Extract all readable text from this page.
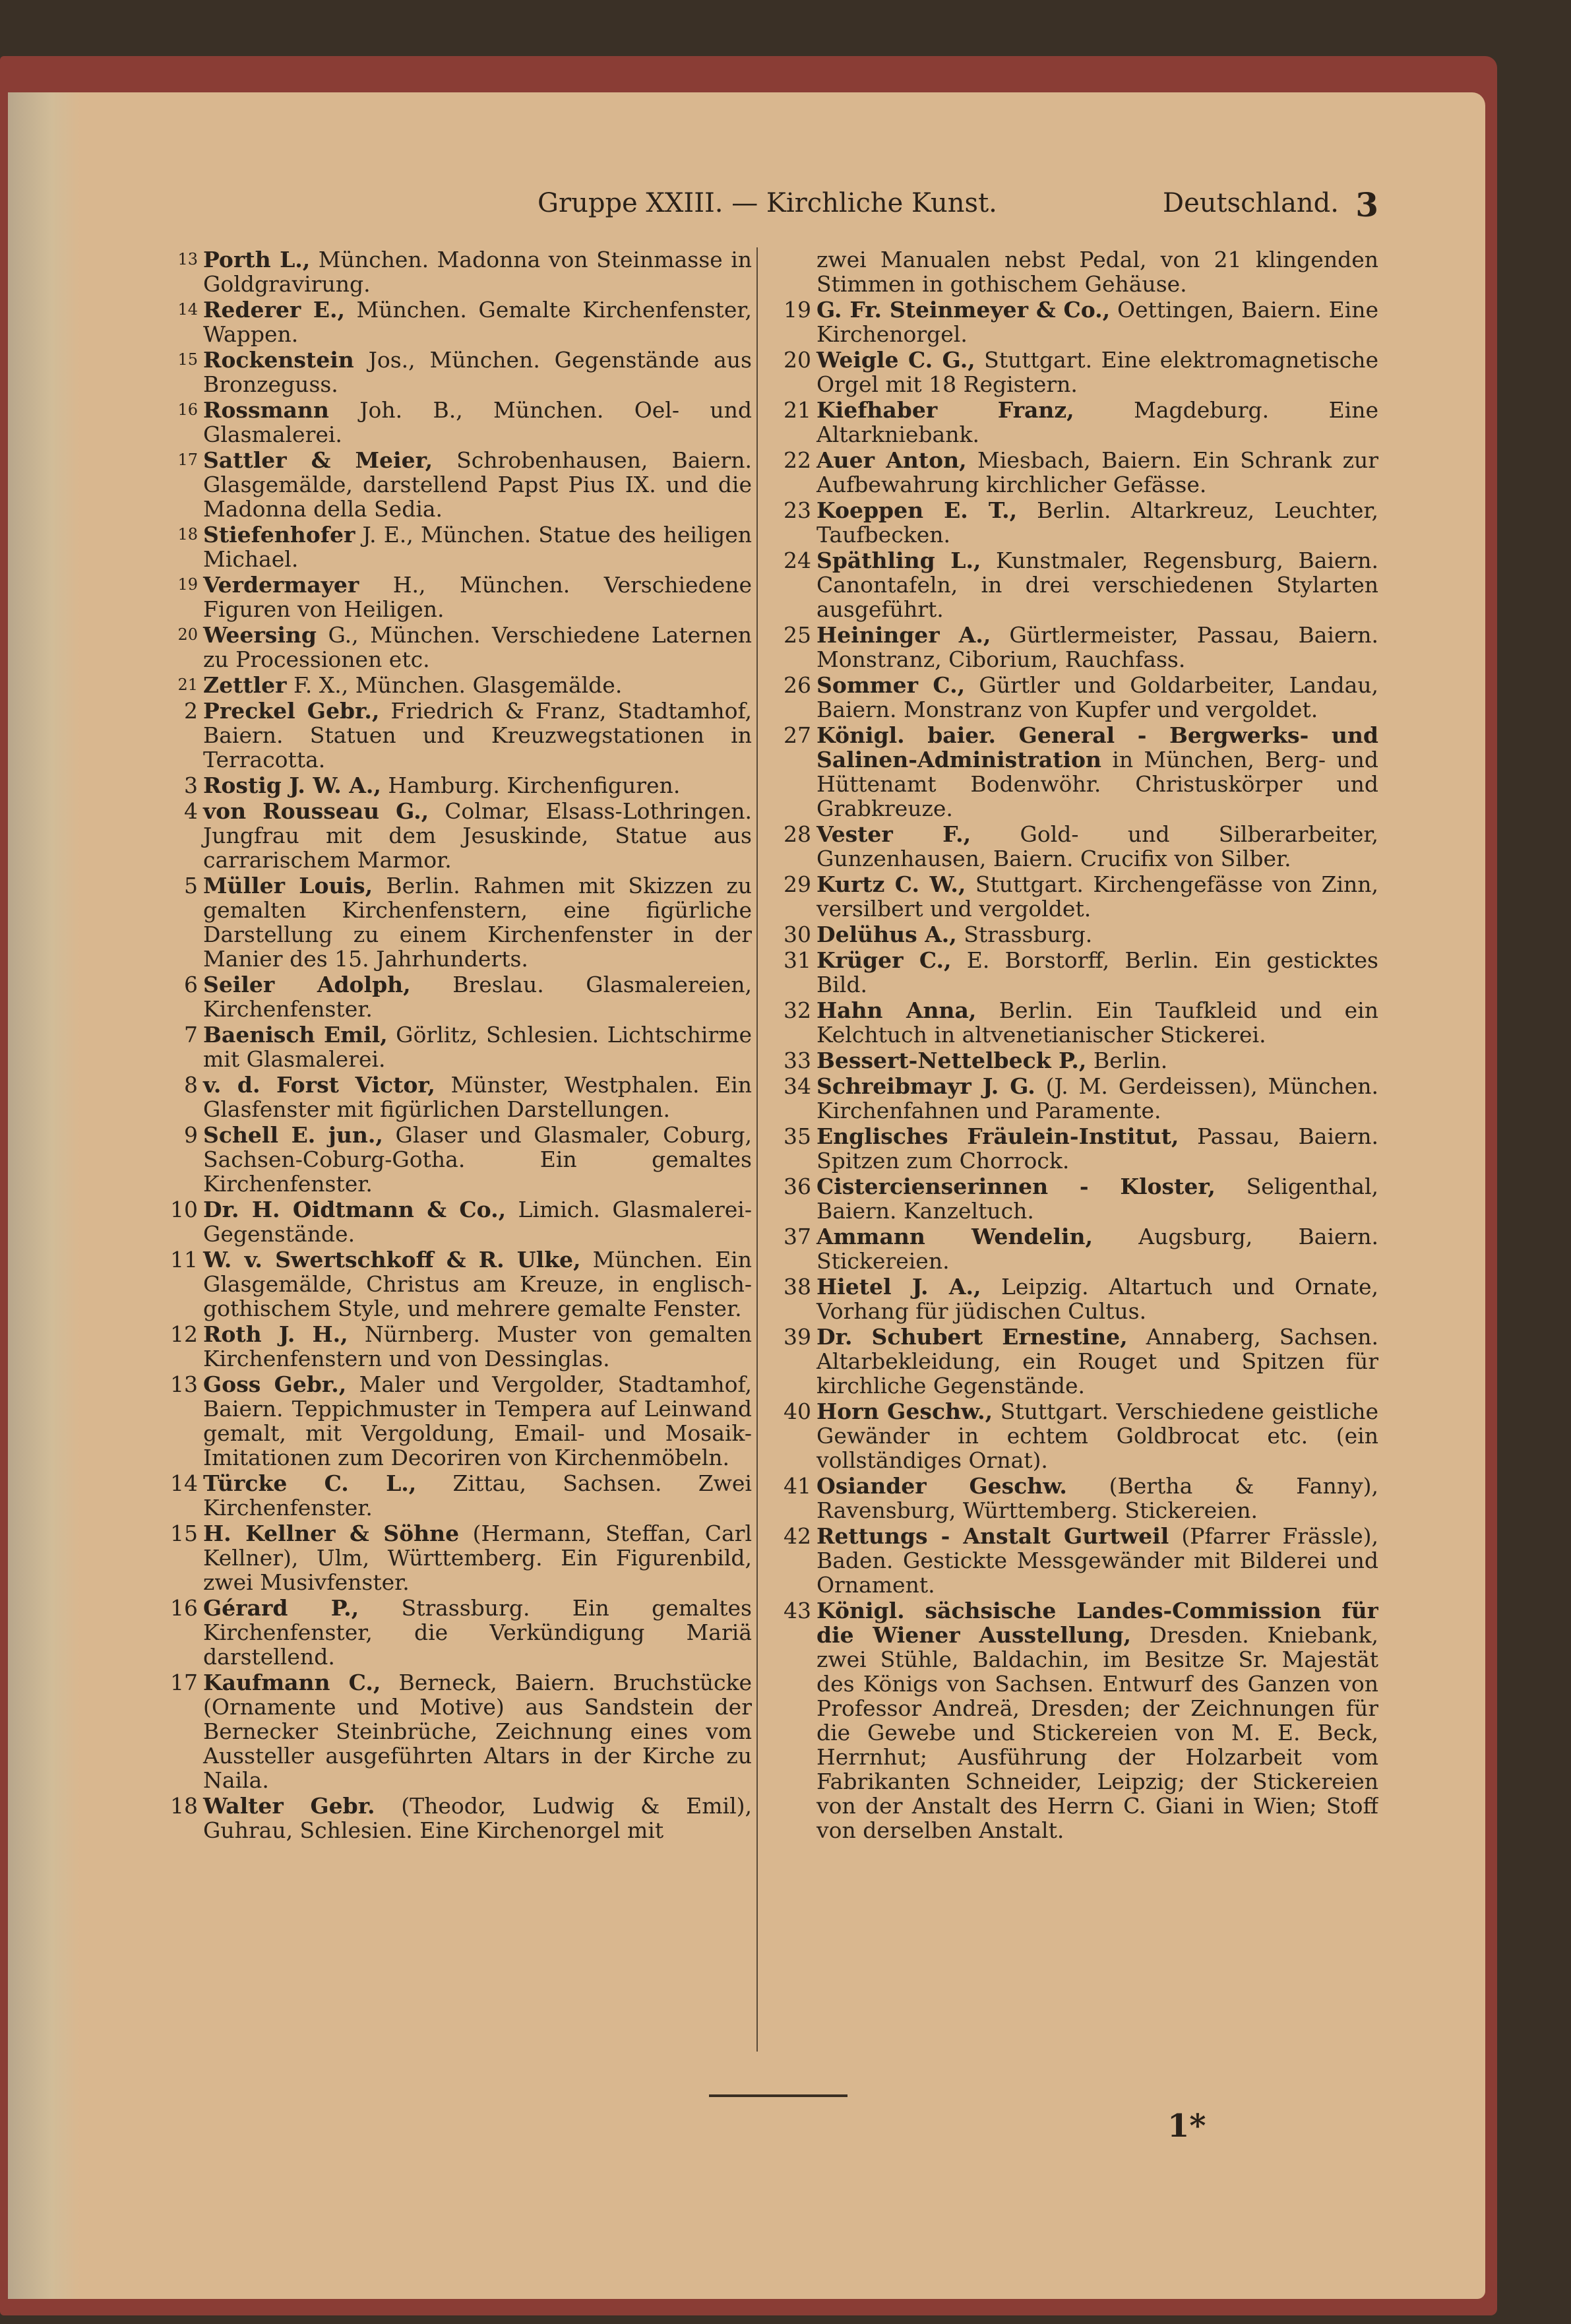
Gruppe XXIII. — Kirchliche Kunst.	Deutschland. 3
13 Porth L., München. Madonna von Steinmasse in Goldgravirung.
14 Rederer E., München. Gemalte Kirchenfenster, Wappen.
15 Rockenstein Jos., München. Gegenstände aus Bronzeguss.
16 Rossmann Joh. B., München. Oel- und Glasmalerei.
17 Sattler & Meier, Schrobenhausen, Baiern. Glasgemälde, darstellend Papst Pius IX. und die Madonna della Sedia.
18 Stiefenhofer J. E., München. Statue des heiligen Michael.
19 Verdermayer H., München. Verschiedene Figuren von Heiligen.
20 Weersing G., München. Verschiedene Laternen zu Processionen etc.
21 Zettler F. X., München. Glasgemälde.
2 Preckel Gebr., Friedrich & Franz, Stadtamhof, Baiern. Statuen und Kreuzwegstationen in Terracotta.
3 Rostig J. W. A., Hamburg. Kirchenfiguren.
4 von Rousseau G., Colmar, Elsass-Lothringen. Jungfrau mit dem Jesuskinde, Statue aus carrarischem Marmor.
5 Müller Louis, Berlin. Rahmen mit Skizzen zu gemalten Kirchenfenstern, eine figürliche Darstellung zu einem Kirchenfenster in der Manier des 15. Jahrhunderts.
6 Seiler Adolph, Breslau. Glasmalereien, Kirchenfenster.
7 Baenisch Emil, Görlitz, Schlesien. Lichtschirme mit Glasmalerei.
8 v. d. Forst Victor, Münster, Westphalen. Ein Glasfenster mit figürlichen Darstellungen.
9 Schell E. jun., Glaser und Glasmaler, Coburg, Sachsen-Coburg-Gotha. Ein gemaltes Kirchenfenster.
10 Dr. H. Oidtmann & Co., Limich. Glasmalerei-Gegenstände.
11 W. v. Swertschkoff & R. Ulke, München. Ein Glasgemälde, Christus am Kreuze, in englisch-gothischem Style, und mehrere gemalte Fenster.
12 Roth J. H., Nürnberg. Muster von gemalten Kirchenfenstern und von Dessinglas.
13 Goss Gebr., Maler und Vergolder, Stadtamhof, Baiern. Teppichmuster in Tempera auf Leinwand gemalt, mit Vergoldung, Email- und Mosaik-Imitationen zum Decoriren von Kirchenmöbeln.
14 Türcke C. L., Zittau, Sachsen. Zwei Kirchenfenster.
15 H. Kellner & Söhne (Hermann, Steffan, Carl Kellner), Ulm, Württemberg. Ein Figurenbild, zwei Musivfenster.
16 Gérard P., Strassburg. Ein gemaltes Kirchenfenster, die Verkündigung Mariä darstellend.
17 Kaufmann C., Berneck, Baiern. Bruchstücke (Ornamente und Motive) aus Sandstein der Bernecker Steinbrüche, Zeichnung eines vom Aussteller ausgeführten Altars in der Kirche zu Naila.
18 Walter Gebr. (Theodor, Ludwig & Emil), Guhrau, Schlesien. Eine Kirchenorgel mit
zwei Manualen nebst Pedal, von 21 klingenden Stimmen in gothischem Gehäuse.
19 G. Fr. Steinmeyer & Co., Oettingen, Baiern. Eine Kirchenorgel.
20 Weigle C. G., Stuttgart. Eine elektromagnetische Orgel mit 18 Registern.
21 Kiefhaber Franz, Magdeburg. Eine Altarkniebank.
22 Auer Anton, Miesbach, Baiern. Ein Schrank zur Aufbewahrung kirchlicher Gefässe.
23 Koeppen E. T., Berlin. Altarkreuz, Leuchter, Taufbecken.
24 Späthling L., Kunstmaler, Regensburg, Baiern. Canontafeln, in drei verschiedenen Stylarten ausgeführt.
25 Heininger A., Gürtlermeister, Passau, Baiern. Monstranz, Ciborium, Rauchfass.
26 Sommer C., Gürtler und Goldarbeiter, Landau, Baiern. Monstranz von Kupfer und vergoldet.
27 Königl. baier. General - Bergwerks- und Salinen-Administration in München, Berg- und Hüttenamt Bodenwöhr. Christuskörper und Grabkreuze.
28 Vester F., Gold- und Silberarbeiter, Gunzenhausen, Baiern. Crucifix von Silber.
29 Kurtz C. W., Stuttgart. Kirchengefässe von Zinn, versilbert und vergoldet.
30 Delühus A., Strassburg.
31 Krüger C., E. Borstorff, Berlin. Ein gesticktes Bild.
32 Hahn Anna, Berlin. Ein Taufkleid und ein Kelchtuch in altvenetianischer Stickerei.
33 Bessert-Nettelbeck P., Berlin.
34 Schreibmayr J. G. (J. M. Gerdeissen), München. Kirchenfahnen und Paramente.
35 Englisches Fräulein-Institut, Passau, Baiern. Spitzen zum Chorrock.
36 Cistercienserinnen - Kloster, Seligenthal, Baiern. Kanzeltuch.
37 Ammann Wendelin, Augsburg, Baiern. Stickereien.
38 Hietel J. A., Leipzig. Altartuch und Ornate, Vorhang für jüdischen Cultus.
39 Dr. Schubert Ernestine, Annaberg, Sachsen. Altarbekleidung, ein Rouget und Spitzen für kirchliche Gegenstände.
40 Horn Geschw., Stuttgart. Verschiedene geistliche Gewänder in echtem Goldbrocat etc. (ein vollständiges Ornat).
41 Osiander Geschw. (Bertha & Fanny), Ravensburg, Württemberg. Stickereien.
42 Rettungs - Anstalt Gurtweil (Pfarrer Frässle), Baden. Gestickte Messgewänder mit Bilderei und Ornament.
43 Königl. sächsische Landes-Commission für die Wiener Ausstellung, Dresden. Kniebank, zwei Stühle, Baldachin, im Besitze Sr. Majestät des Königs von Sachsen. Entwurf des Ganzen von Professor Andreä, Dresden; der Zeichnungen für die Gewebe und Stickereien von M. E. Beck, Herrnhut; Ausführung der Holzarbeit vom Fabrikanten Schneider, Leipzig; der Stickereien von der Anstalt des Herrn C. Giani in Wien; Stoff von derselben Anstalt.
1*
